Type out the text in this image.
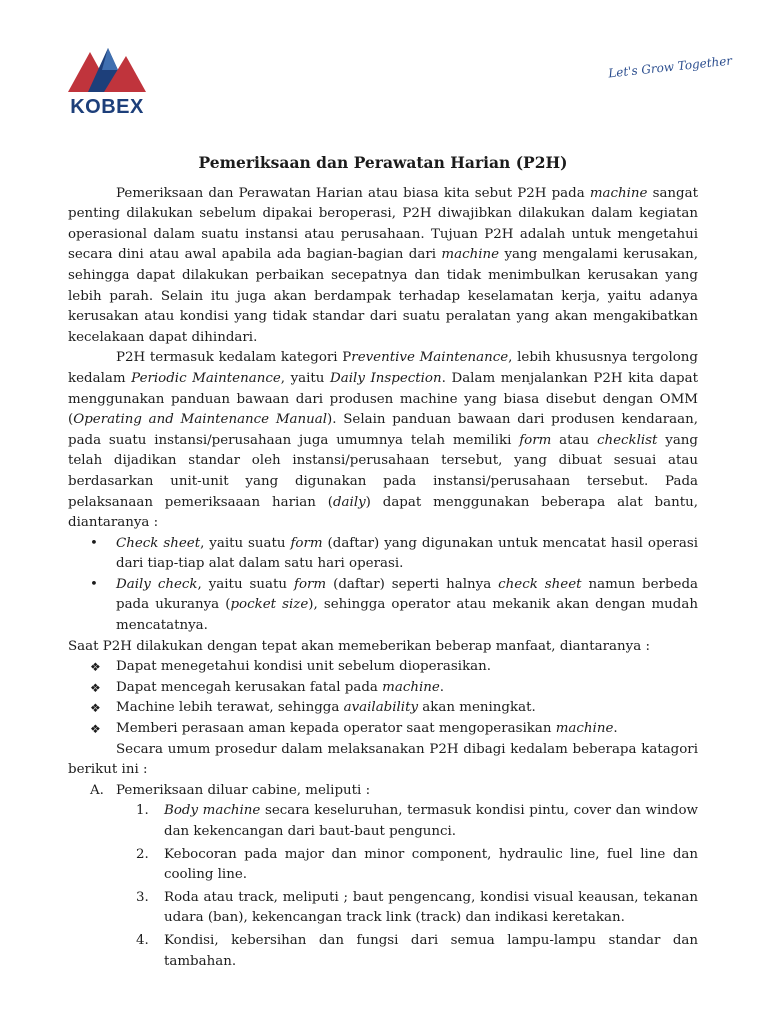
KOBEX
Let's Grow Together
Pemeriksaan dan Perawatan Harian (P2H)

Pemeriksaan dan Perawatan Harian atau biasa kita sebut P2H pada machine sangat penting dilakukan sebelum dipakai beroperasi, P2H diwajibkan dilakukan dalam kegiatan operasional dalam suatu instansi atau perusahaan. Tujuan P2H adalah untuk mengetahui secara dini atau awal apabila ada bagian-bagian dari machine yang mengalami kerusakan, sehingga dapat dilakukan perbaikan secepatnya dan tidak menimbulkan kerusakan yang lebih parah. Selain itu juga akan berdampak terhadap keselamatan kerja, yaitu adanya kerusakan atau kondisi yang tidak standar dari suatu peralatan yang akan mengakibatkan kecelakaan dapat dihindari.

P2H termasuk kedalam kategori Preventive Maintenance, lebih khususnya tergolong kedalam Periodic Maintenance, yaitu Daily Inspection. Dalam menjalankan P2H kita dapat menggunakan panduan bawaan dari produsen machine yang biasa disebut dengan OMM (Operating and Maintenance Manual). Selain panduan bawaan dari produsen kendaraan, pada suatu instansi/perusahaan juga umumnya telah memiliki form atau checklist yang telah dijadikan standar oleh instansi/perusahaan tersebut, yang dibuat sesuai atau berdasarkan unit-unit yang digunakan pada instansi/perusahaan tersebut. Pada pelaksanaan pemeriksaaan harian (daily) dapat menggunakan beberapa alat bantu, diantaranya :

• Check sheet, yaitu suatu form (daftar) yang digunakan untuk mencatat hasil operasi dari tiap-tiap alat dalam satu hari operasi.
• Daily check, yaitu suatu form (daftar) seperti halnya check sheet namun berbeda pada ukuranya (pocket size), sehingga operator atau mekanik akan dengan mudah mencatatnya.

Saat P2H dilakukan dengan tepat akan memeberikan beberap manfaat, diantaranya :

❖ Dapat menegetahui kondisi unit sebelum dioperasikan.
❖ Dapat mencegah kerusakan fatal pada machine.
❖ Machine lebih terawat, sehingga availability akan meningkat.
❖ Memberi perasaan aman kepada operator saat mengoperasikan machine.

Secara umum prosedur dalam melaksanakan P2H dibagi kedalam beberapa katagori berikut ini :

A. Pemeriksaan diluar cabine, meliputi :
1. Body machine secara keseluruhan, termasuk kondisi pintu, cover dan window dan kekencangan dari baut-baut pengunci.
2. Kebocoran pada major dan minor component, hydraulic line, fuel line dan cooling line.
3. Roda atau track, meliputi ; baut pengencang, kondisi visual keausan, tekanan udara (ban), kekencangan track link (track) dan indikasi keretakan.
4. Kondisi, kebersihan dan fungsi dari semua lampu-lampu standar dan tambahan.
